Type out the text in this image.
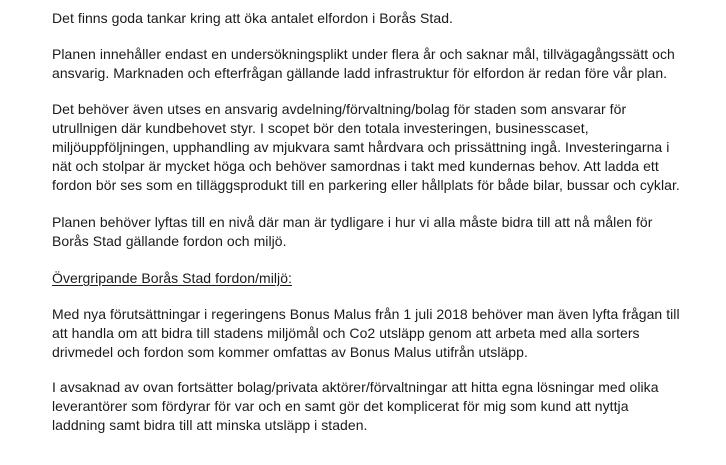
Det finns goda tankar kring att öka antalet elfordon i Borås Stad.
Planen innehåller endast en undersökningsplikt under flera år och saknar mål, tillvägagångssätt och
ansvarig. Marknaden och efterfrågan gällande ladd infrastruktur för elfordon är redan före vår plan.
Det behöver även utses en ansvarig avdelning/förvaltning/bolag för staden som ansvarar för
utrullnigen där kundbehovet styr. I scopet bör den totala investeringen, businesscaset,
miljöuppföljningen, upphandling av mjukvara samt hårdvara och prissättning ingå. Investeringarna i
nät och stolpar är mycket höga och behöver samordnas i takt med kundernas behov. Att ladda ett
fordon bör ses som en tilläggsprodukt till en parkering eller hållplats för både bilar, bussar och cyklar.
Planen behöver lyftas till en nivå där man är tydligare i hur vi alla måste bidra till att nå målen för
Borås Stad gällande fordon och miljö.
Övergripande Borås Stad fordon/miljö:
Med nya förutsättningar i regeringens Bonus Malus från 1 juli 2018 behöver man även lyfta frågan till
att handla om att bidra till stadens miljömål och Co2 utsläpp genom att arbeta med alla sorters
drivmedel och fordon som kommer omfattas av Bonus Malus utifrån utsläpp.
I avsaknad av ovan fortsätter bolag/privata aktörer/förvaltningar att hitta egna lösningar med olika
leverantörer som fördyrar för var och en samt gör det komplicerat för mig som kund att nyttja
laddning samt bidra till att minska utsläpp i staden.
